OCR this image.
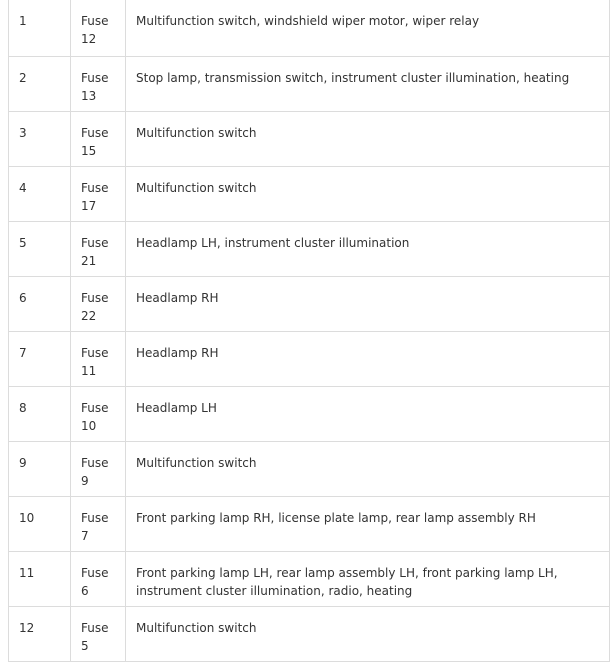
1	Fuse 12	Multifunction switch, windshield wiper motor, wiper relay
2	Fuse 13	Stop lamp, transmission switch, instrument cluster illumination, heating
3	Fuse 15	Multifunction switch
4	Fuse 17	Multifunction switch
5	Fuse 21	Headlamp LH, instrument cluster illumination
6	Fuse 22	Headlamp RH
7	Fuse 11	Headlamp RH
8	Fuse 10	Headlamp LH
9	Fuse 9	Multifunction switch
10	Fuse 7	Front parking lamp RH, license plate lamp, rear lamp assembly RH
11	Fuse 6	Front parking lamp LH, rear lamp assembly LH, front parking lamp LH, instrument cluster illumination, radio, heating
12	Fuse 5	Multifunction switch
